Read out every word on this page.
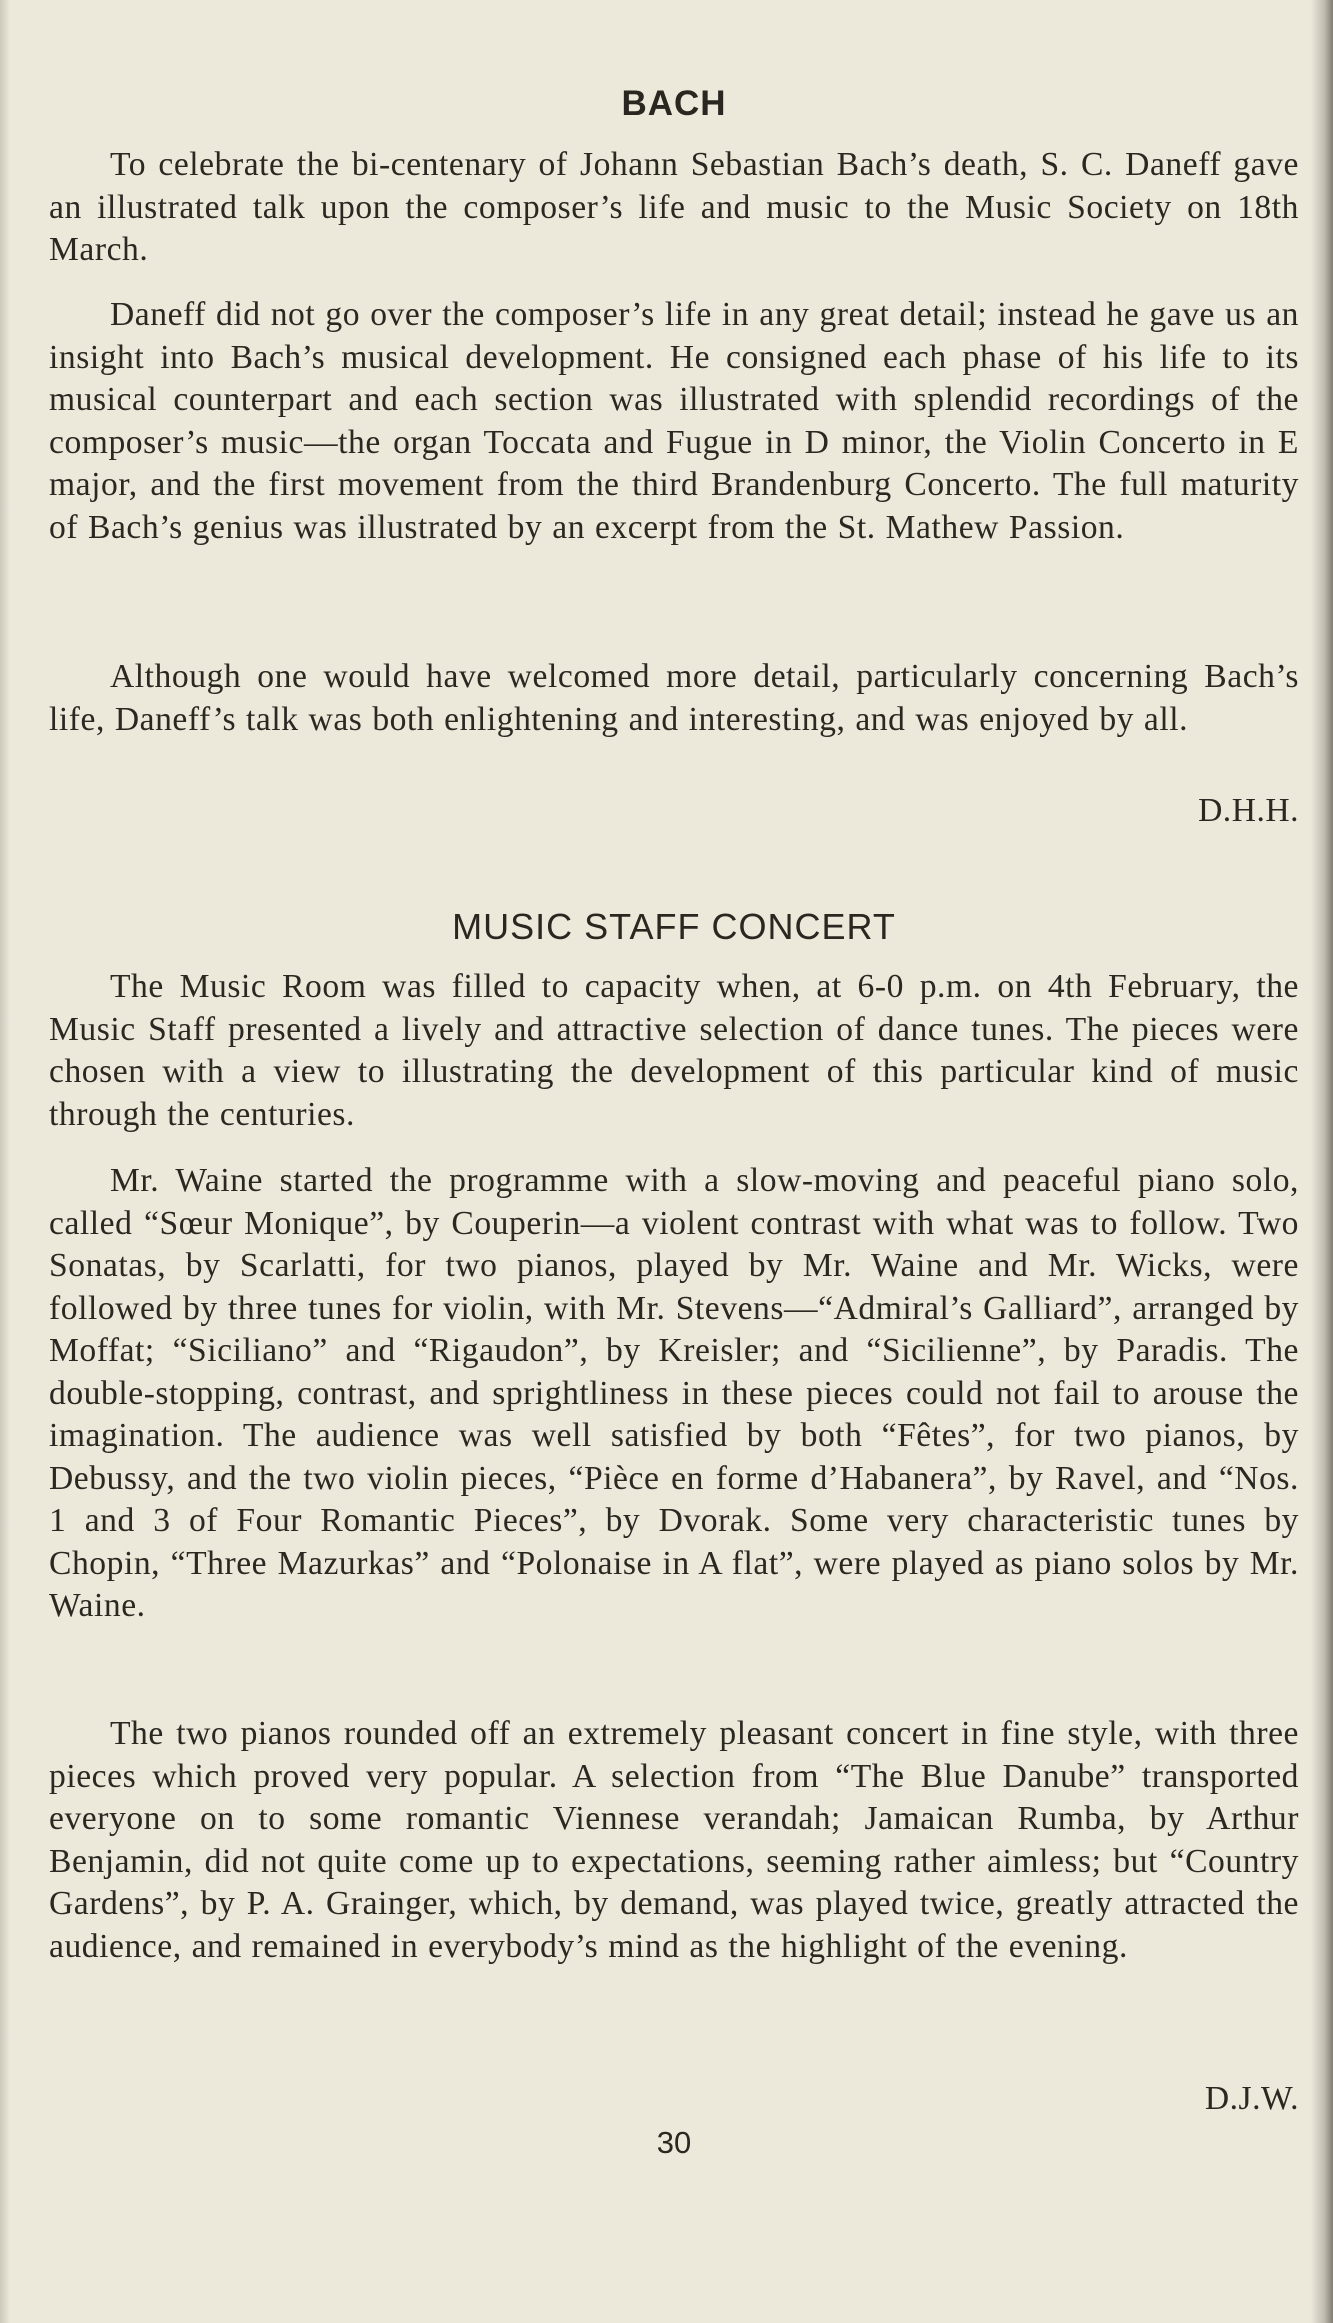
BACH

To celebrate the bi-centenary of Johann Sebastian Bach’s death, S. C. Daneff gave an illustrated talk upon the composer’s life and music to the Music Society on 18th March.

Daneff did not go over the composer’s life in any great detail; instead he gave us an insight into Bach’s musical development. He consigned each phase of his life to its musical counterpart and each section was illustrated with splendid recordings of the composer’s music—the organ Toccata and Fugue in D minor, the Violin Concerto in E major, and the first movement from the third Brandenburg Concerto. The full maturity of Bach’s genius was illustrated by an excerpt from the St. Mathew Passion.

Although one would have welcomed more detail, particularly concerning Bach’s life, Daneff’s talk was both enlightening and interesting, and was enjoyed by all.

D.H.H.
MUSIC STAFF CONCERT

The Music Room was filled to capacity when, at 6-0 p.m. on 4th February, the Music Staff presented a lively and attractive selection of dance tunes. The pieces were chosen with a view to illustrating the development of this particular kind of music through the centuries.

Mr. Waine started the programme with a slow-moving and peaceful piano solo, called “Sœur Monique”, by Couperin—a violent contrast with what was to follow. Two Sonatas, by Scarlatti, for two pianos, played by Mr. Waine and Mr. Wicks, were followed by three tunes for violin, with Mr. Stevens—“Admiral’s Galliard”, arranged by Moffat; “Siciliano” and “Rigaudon”, by Kreisler; and “Sicilienne”, by Paradis. The double-stopping, contrast, and sprightliness in these pieces could not fail to arouse the imagination. The audience was well satisfied by both “Fêtes”, for two pianos, by Debussy, and the two violin pieces, “Pièce en forme d’Habanera”, by Ravel, and “Nos. 1 and 3 of Four Romantic Pieces”, by Dvorak. Some very characteristic tunes by Chopin, “Three Mazurkas” and “Polonaise in A flat”, were played as piano solos by Mr. Waine.

The two pianos rounded off an extremely pleasant concert in fine style, with three pieces which proved very popular. A selection from “The Blue Danube” transported everyone on to some romantic Viennese verandah; Jamaican Rumba, by Arthur Benjamin, did not quite come up to expectations, seeming rather aimless; but “Country Gardens”, by P. A. Grainger, which, by demand, was played twice, greatly attracted the audience, and remained in everybody’s mind as the highlight of the evening.

D.J.W.
30
